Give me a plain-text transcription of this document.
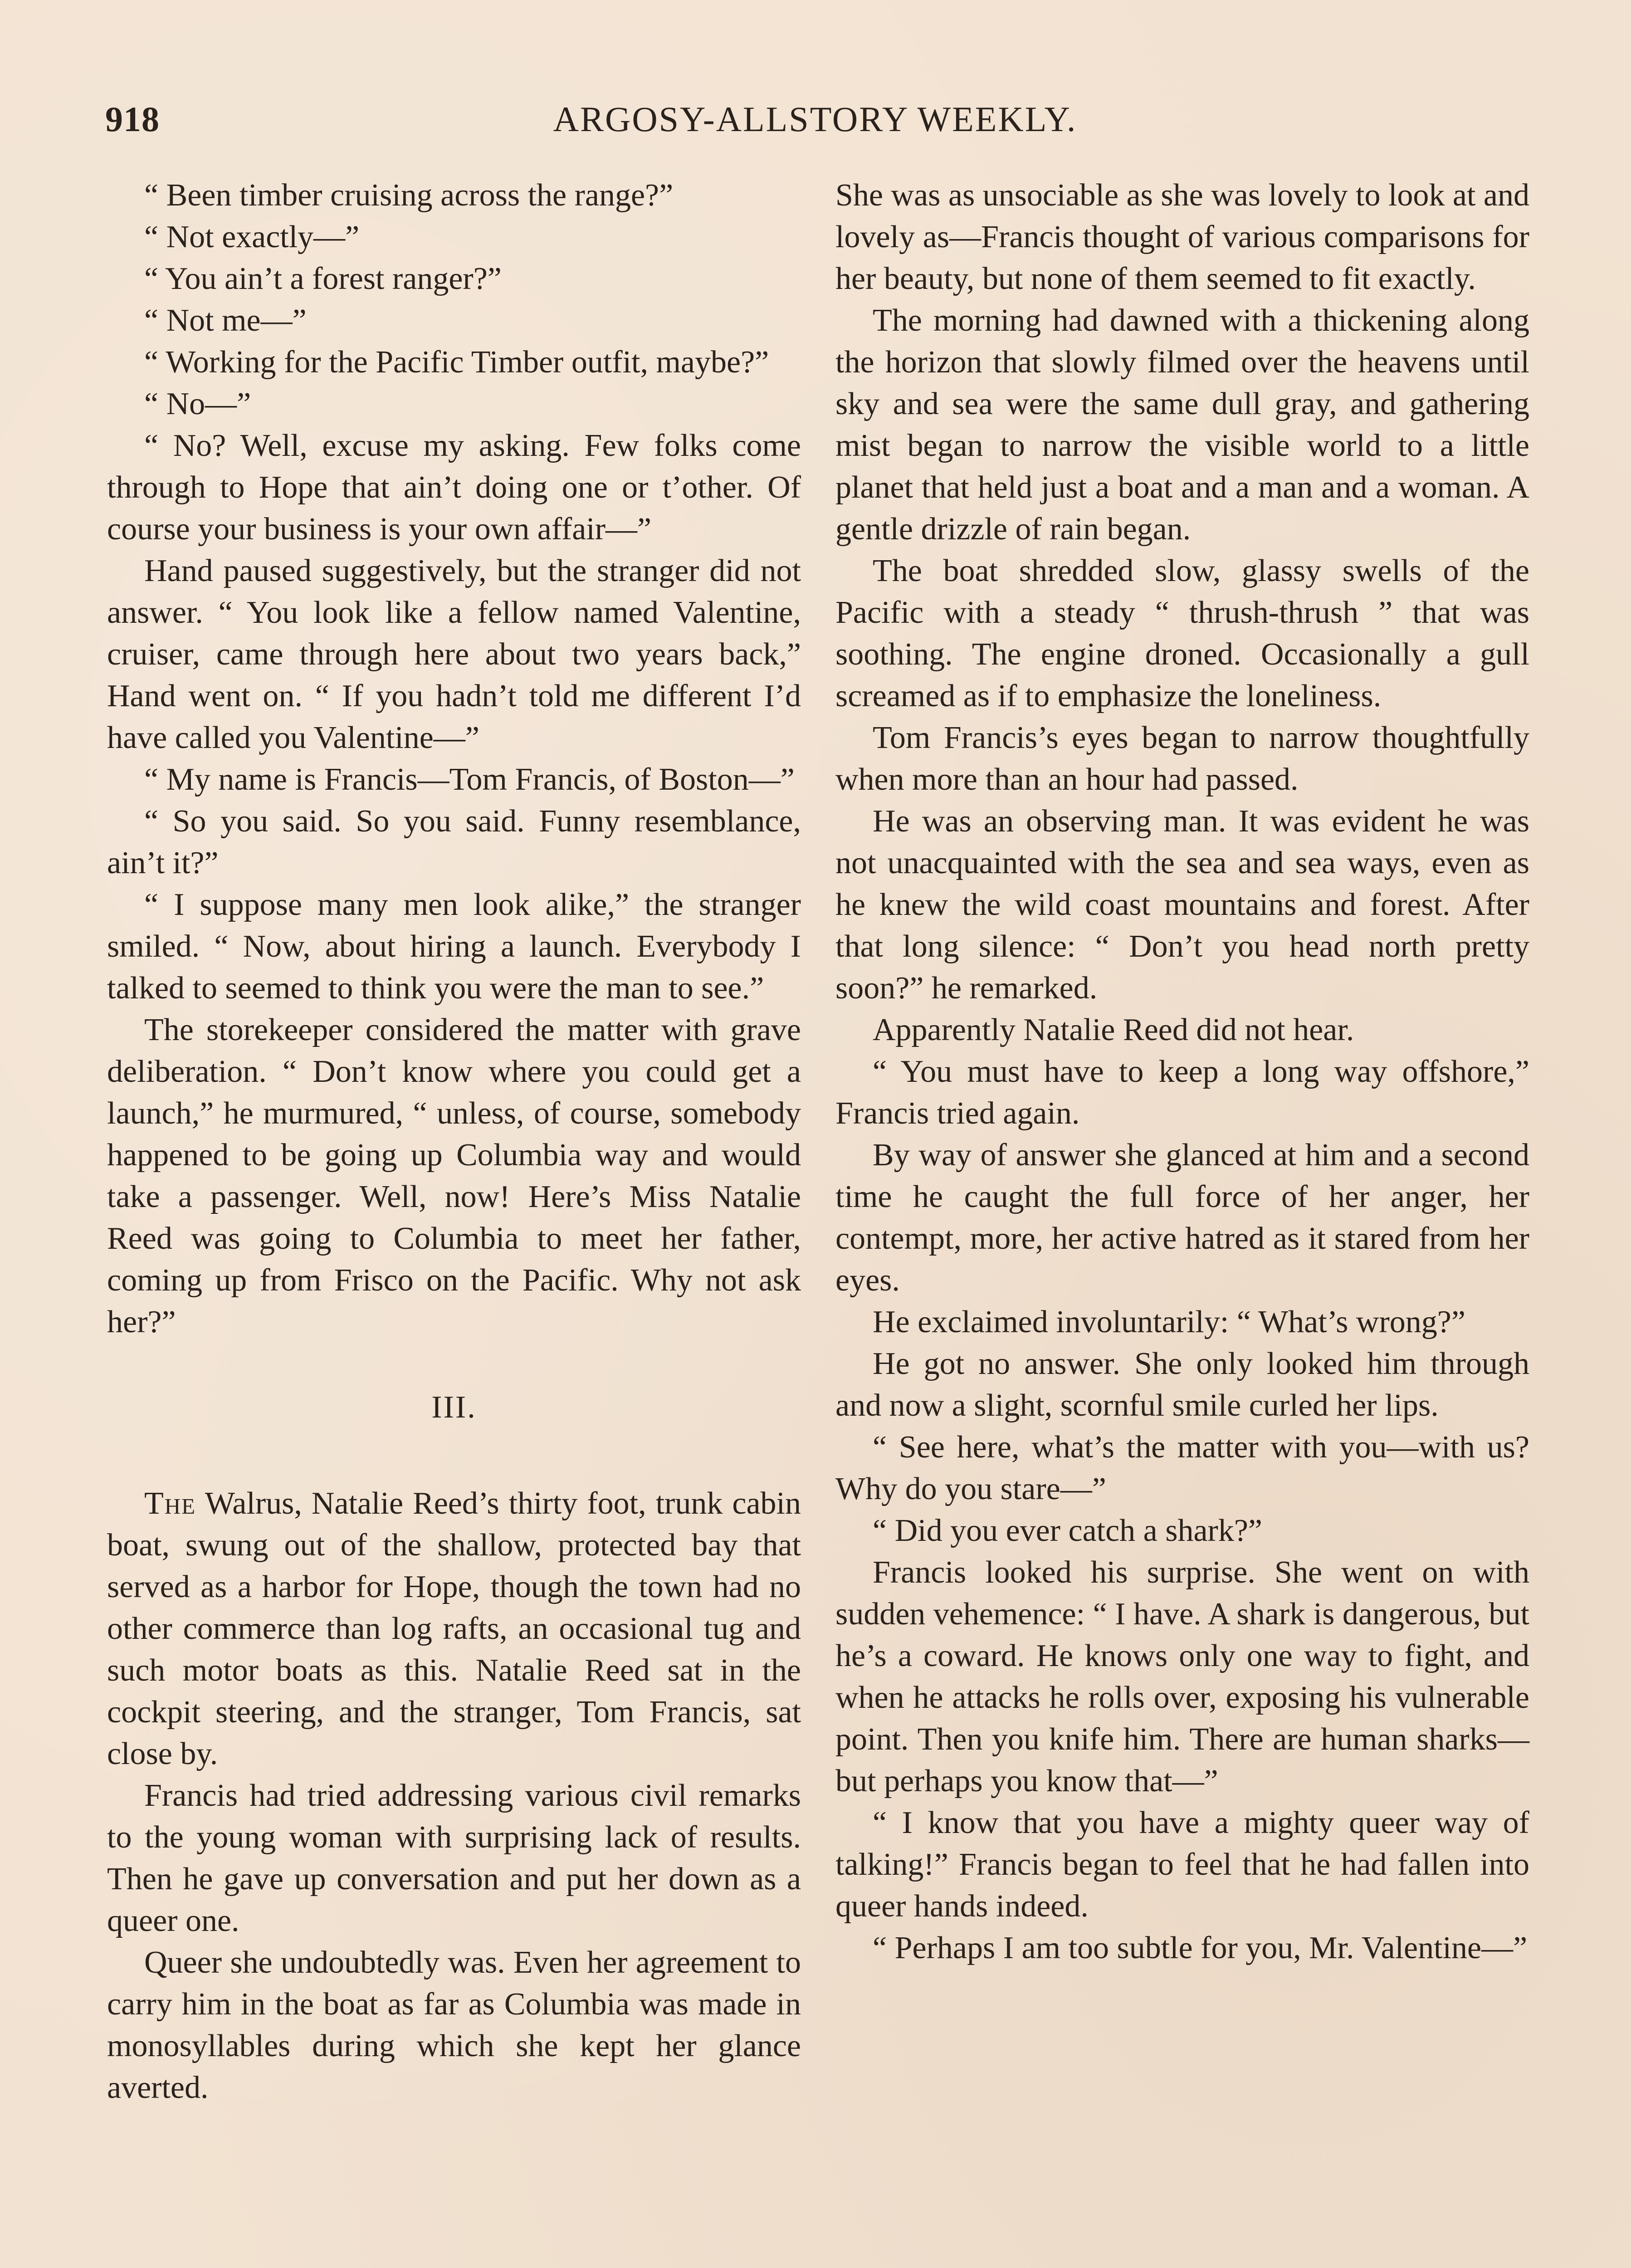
918	ARGOSY-ALLSTORY WEEKLY.

“ Been timber cruising across the range?”

“ Not exactly—”

“ You ain’t a forest ranger?”

“ Not me—”

“ Working for the Pacific Timber outfit, maybe?”

“ No—”

“ No? Well, excuse my asking. Few folks come through to Hope that ain’t doing one or t’other. Of course your business is your own affair—”

Hand paused suggestively, but the stranger did not answer. “ You look like a fellow named Valentine, cruiser, came through here about two years back,” Hand went on. “ If you hadn’t told me different I’d have called you Valentine—”

“ My name is Francis—Tom Francis, of Boston—”

“ So you said. So you said. Funny resemblance, ain’t it?”

“ I suppose many men look alike,” the stranger smiled. “ Now, about hiring a launch. Everybody I talked to seemed to think you were the man to see.”

The storekeeper considered the matter with grave deliberation. “ Don’t know where you could get a launch,” he murmured, “ unless, of course, somebody happened to be going up Columbia way and would take a passenger. Well, now! Here’s Miss Natalie Reed was going to Columbia to meet her father, coming up from Frisco on the Pacific. Why not ask her?”

III.

The Walrus, Natalie Reed’s thirty foot, trunk cabin boat, swung out of the shallow, protected bay that served as a harbor for Hope, though the town had no other commerce than log rafts, an occasional tug and such motor boats as this. Natalie Reed sat in the cockpit steering, and the stranger, Tom Francis, sat close by.

Francis had tried addressing various civil remarks to the young woman with surprising lack of results. Then he gave up conversation and put her down as a queer one.

Queer she undoubtedly was. Even her agreement to carry him in the boat as far as Columbia was made in monosyllables during which she kept her glance averted.

She was as unsociable as she was lovely to look at and lovely as—Francis thought of various comparisons for her beauty, but none of them seemed to fit exactly.

The morning had dawned with a thickening along the horizon that slowly filmed over the heavens until sky and sea were the same dull gray, and gathering mist began to narrow the visible world to a little planet that held just a boat and a man and a woman. A gentle drizzle of rain began.

The boat shredded slow, glassy swells of the Pacific with a steady “ thrush-thrush ” that was soothing. The engine droned. Occasionally a gull screamed as if to emphasize the loneliness.

Tom Francis’s eyes began to narrow thoughtfully when more than an hour had passed.

He was an observing man. It was evident he was not unacquainted with the sea and sea ways, even as he knew the wild coast mountains and forest. After that long silence: “ Don’t you head north pretty soon?” he remarked.

Apparently Natalie Reed did not hear.

“ You must have to keep a long way offshore,” Francis tried again.

By way of answer she glanced at him and a second time he caught the full force of her anger, her contempt, more, her active hatred as it stared from her eyes.

He exclaimed involuntarily: “ What’s wrong?”

He got no answer. She only looked him through and now a slight, scornful smile curled her lips.

“ See here, what’s the matter with you—with us? Why do you stare—”

“ Did you ever catch a shark?”

Francis looked his surprise. She went on with sudden vehemence: “ I have. A shark is dangerous, but he’s a coward. He knows only one way to fight, and when he attacks he rolls over, exposing his vulnerable point. Then you knife him. There are human sharks—but perhaps you know that—”

“ I know that you have a mighty queer way of talking!” Francis began to feel that he had fallen into queer hands indeed.

“ Perhaps I am too subtle for you, Mr. Valentine—”
